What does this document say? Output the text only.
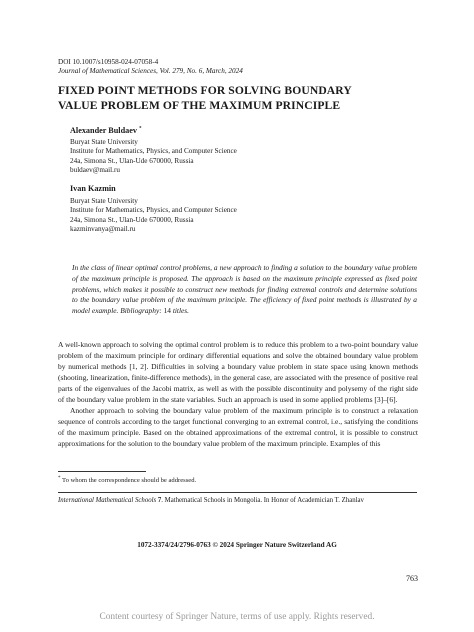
DOI 10.1007/s10958-024-07058-4
Journal of Mathematical Sciences, Vol. 279, No. 6, March, 2024
FIXED POINT METHODS FOR SOLVING BOUNDARY
VALUE PROBLEM OF THE MAXIMUM PRINCIPLE
Alexander Buldaev *
Buryat State University
Institute for Mathematics, Physics, and Computer Science
24a, Simona St., Ulan-Ude 670000, Russia
buldaev@mail.ru
Ivan Kazmin
Buryat State University
Institute for Mathematics, Physics, and Computer Science
24a, Simona St., Ulan-Ude 670000, Russia
kazminvanya@mail.ru
In the class of linear optimal control problems, a new approach to finding a solution to the boundary value problem of the maximum principle is proposed. The approach is based on the maximum principle expressed as fixed point problems, which makes it possible to construct new methods for finding extremal controls and determine solutions to the boundary value problem of the maximum principle. The efficiency of fixed point methods is illustrated by a model example. Bibliography: 14 titles.
A well-known approach to solving the optimal control problem is to reduce this problem to a two-point boundary value problem of the maximum principle for ordinary differential equations and solve the obtained boundary value problem by numerical methods [1, 2]. Difficulties in solving a boundary value problem in state space using known methods (shooting, linearization, finite-difference methods), in the general case, are associated with the presence of positive real parts of the eigenvalues of the Jacobi matrix, as well as with the possible discontinuity and polysemy of the right side of the boundary value problem in the state variables. Such an approach is used in some applied problems [3]–[6].
Another approach to solving the boundary value problem of the maximum principle is to construct a relaxation sequence of controls according to the target functional converging to an extremal control, i.e., satisfying the conditions of the maximum principle. Based on the obtained approximations of the extremal control, it is possible to construct approximations for the solution to the boundary value problem of the maximum principle. Examples of this
* To whom the correspondence should be addressed.
International Mathematical Schools 7. Mathematical Schools in Mongolia. In Honor of Academician T. Zhanlav
1072-3374/24/2796-0763 © 2024 Springer Nature Switzerland AG
763
Content courtesy of Springer Nature, terms of use apply. Rights reserved.
